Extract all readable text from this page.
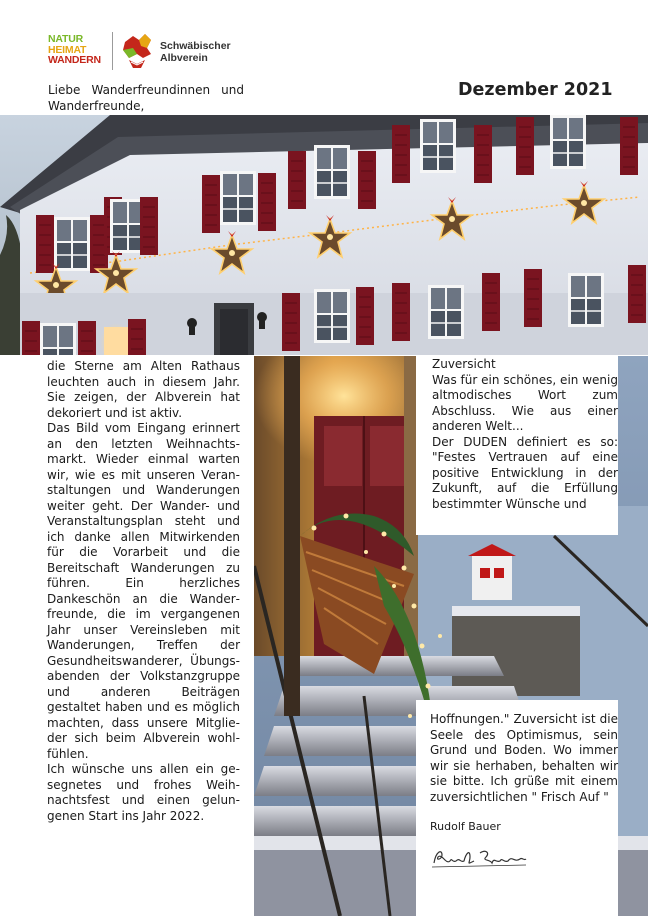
NATUR
HEIMAT
WANDERN
Schwäbischer
Albverein
Liebe Wanderfreundinnen und Wanderfreunde,
Dezember 2021

die Sterne am Alten Rathaus leuchten auch in diesem Jahr. Sie zeigen, der Albverein hat dekoriert und ist aktiv.

Das Bild vom Eingang erinnert an den letzten Weihnachtsmarkt. Wieder einmal warten wir, wie es mit unseren Veranstaltungen und Wanderungen weiter geht. Der Wander- und Veranstaltungsplan steht und ich danke allen Mitwirkenden für die Vorarbeit und die Bereitschaft Wanderungen zu führen. Ein herzliches Dankeschön an die Wanderfreunde, die im vergangenen Jahr unser Vereinsleben mit Wanderungen, Treffen der Gesundheitswanderer, Übungsabenden der Volkstanzgruppe und anderen Beiträgen gestaltet haben und es möglich machten, dass unsere Mitglieder sich beim Albverein wohlfühlen.

Ich wünsche uns allen ein gesegnetes und frohes Weihnachtsfest und einen gelungenen Start ins Jahr 2022.

Zuversicht

Was für ein schönes, ein wenig altmodisches Wort zum Abschluss. Wie aus einer anderen Welt...

Der DUDEN definiert es so: "Festes Vertrauen auf eine positive Entwicklung in der Zukunft, auf die Erfüllung bestimmter Wünsche und

Hoffnungen." Zuversicht ist die Seele des Optimismus, sein Grund und Boden. Wo immer wir sie herhaben, behalten wir sie bitte. Ich grüße mit einem zuversichtlichen " Frisch Auf "

Rudolf Bauer
